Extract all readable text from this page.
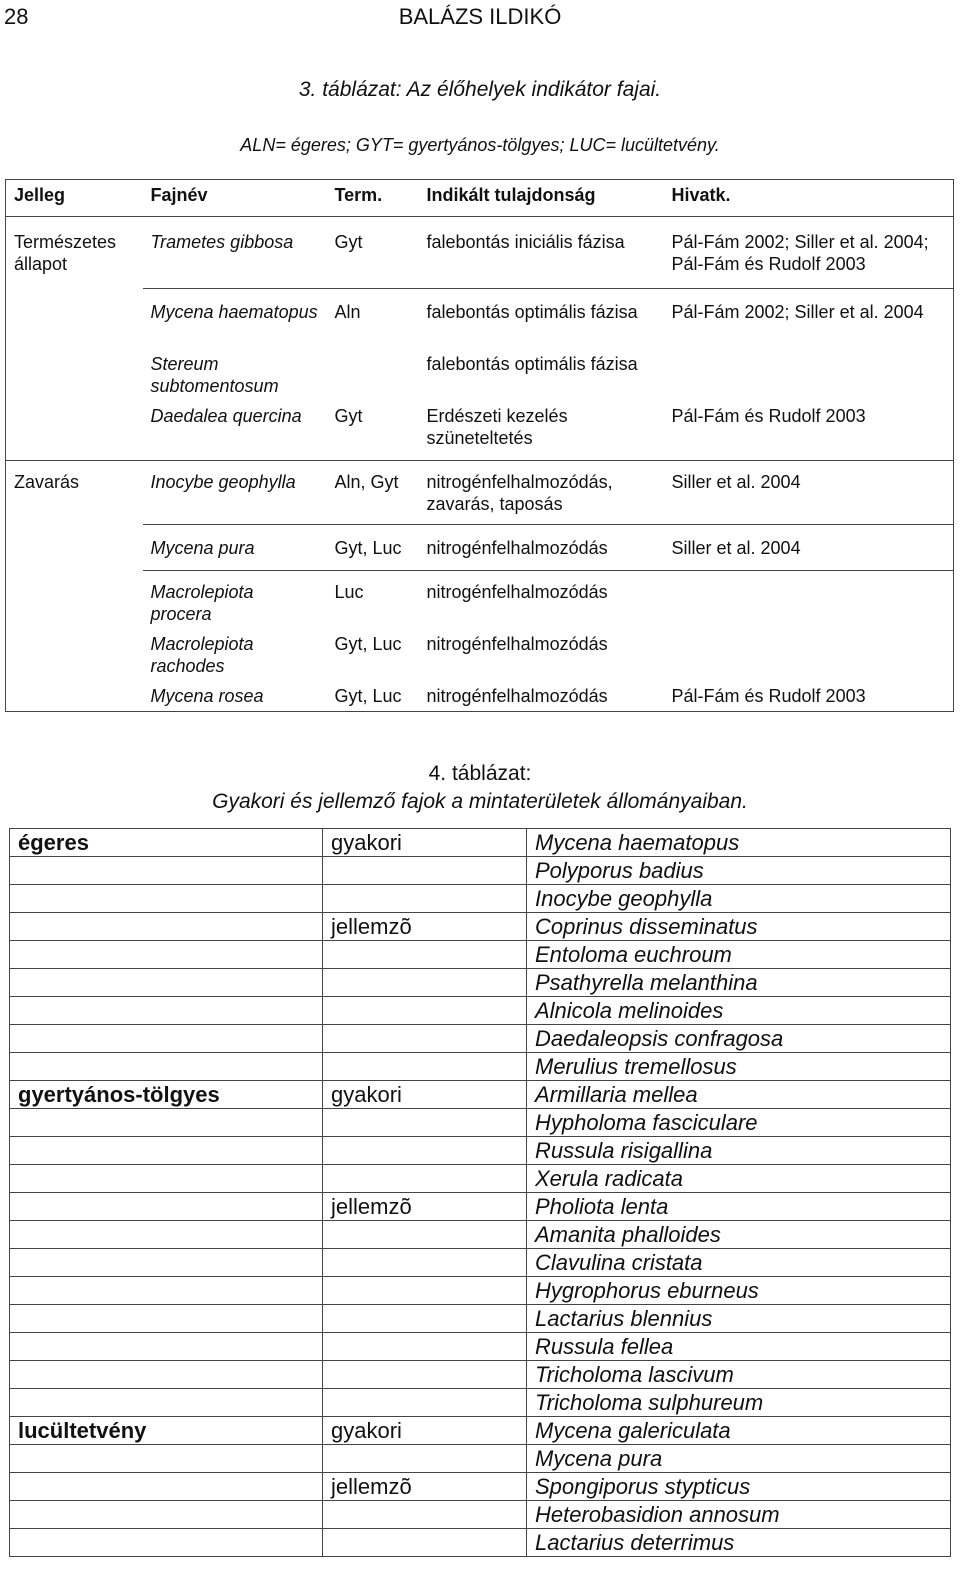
28	BALÁZS ILDIKÓ
3. táblázat: Az élőhelyek indikátor fajai.
ALN= égeres; GYT= gyertyános-tölgyes; LUC= lucültetvény.
Jelleg	Fajnév	Term.	Indikált tulajdonság	Hivatk.
Természetes állapot	Trametes gibbosa	Gyt	falebontás iniciális fázisa	Pál-Fám 2002; Siller et al. 2004; Pál-Fám és Rudolf 2003
	Mycena haematopus	Aln	falebontás optimális fázisa	Pál-Fám 2002; Siller et al. 2004
	Stereum subtomentosum		falebontás optimális fázisa	
	Daedalea quercina	Gyt	Erdészeti kezelés szüneteltetés	Pál-Fám és Rudolf 2003
Zavarás	Inocybe geophylla	Aln, Gyt	nitrogénfelhalmozódás, zavarás, taposás	Siller et al. 2004
	Mycena pura	Gyt, Luc	nitrogénfelhalmozódás	Siller et al. 2004
	Macrolepiota procera	Luc	nitrogénfelhalmozódás	
	Macrolepiota rachodes	Gyt, Luc	nitrogénfelhalmozódás	
	Mycena rosea	Gyt, Luc	nitrogénfelhalmozódás	Pál-Fám és Rudolf 2003
4. táblázat:
Gyakori és jellemző fajok a mintaterületek állományaiban.
égeres	gyakori	Mycena haematopus
		Polyporus badius
		Inocybe geophylla
	jellemzõ	Coprinus disseminatus
		Entoloma euchroum
		Psathyrella melanthina
		Alnicola melinoides
		Daedaleopsis confragosa
		Merulius tremellosus
gyertyános-tölgyes	gyakori	Armillaria mellea
		Hypholoma fasciculare
		Russula risigallina
		Xerula radicata
	jellemzõ	Pholiota lenta
		Amanita phalloides
		Clavulina cristata
		Hygrophorus eburneus
		Lactarius blennius
		Russula fellea
		Tricholoma lascivum
		Tricholoma sulphureum
lucültetvény	gyakori	Mycena galericulata
		Mycena pura
	jellemzõ	Spongiporus stypticus
		Heterobasidion annosum
		Lactarius deterrimus
